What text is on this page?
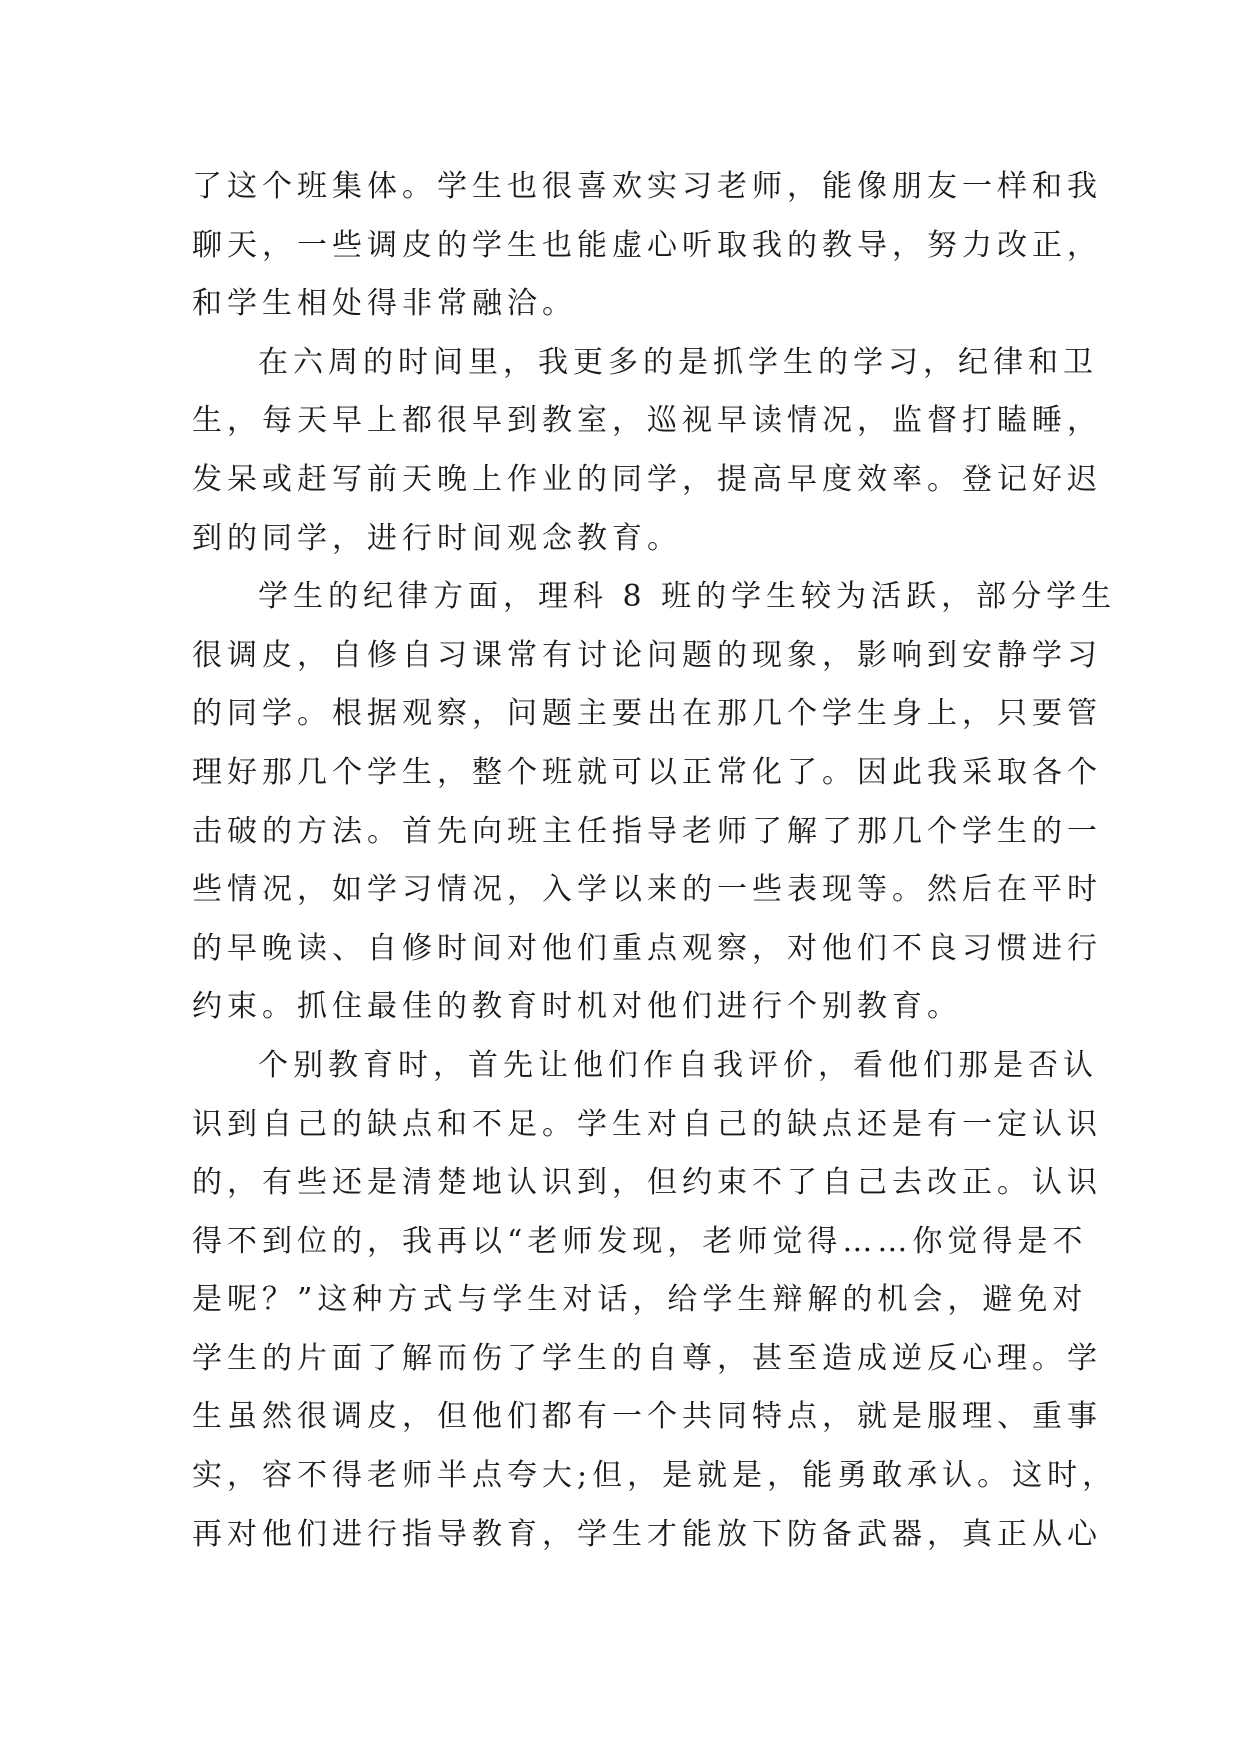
了这个班集体。学生也很喜欢实习老师，能像朋友一样和我
聊天，一些调皮的学生也能虚心听取我的教导，努力改正，
和学生相处得非常融洽。
在六周的时间里，我更多的是抓学生的学习，纪律和卫
生，每天早上都很早到教室，巡视早读情况，监督打瞌睡，
发呆或赶写前天晚上作业的同学，提高早度效率。登记好迟
到的同学，进行时间观念教育。
学生的纪律方面，理科 8 班的学生较为活跃，部分学生
很调皮，自修自习课常有讨论问题的现象，影响到安静学习
的同学。根据观察，问题主要出在那几个学生身上，只要管
理好那几个学生，整个班就可以正常化了。因此我采取各个
击破的方法。首先向班主任指导老师了解了那几个学生的一
些情况，如学习情况，入学以来的一些表现等。然后在平时
的早晚读、自修时间对他们重点观察，对他们不良习惯进行
约束。抓住最佳的教育时机对他们进行个别教育。
个别教育时，首先让他们作自我评价，看他们那是否认
识到自己的缺点和不足。学生对自己的缺点还是有一定认识
的，有些还是清楚地认识到，但约束不了自己去改正。认识
得不到位的，我再以“老师发现，老师觉得……你觉得是不
是呢？”这种方式与学生对话，给学生辩解的机会，避免对
学生的片面了解而伤了学生的自尊，甚至造成逆反心理。学
生虽然很调皮，但他们都有一个共同特点，就是服理、重事
实，容不得老师半点夸大;但，是就是，能勇敢承认。这时，
再对他们进行指导教育，学生才能放下防备武器，真正从心
